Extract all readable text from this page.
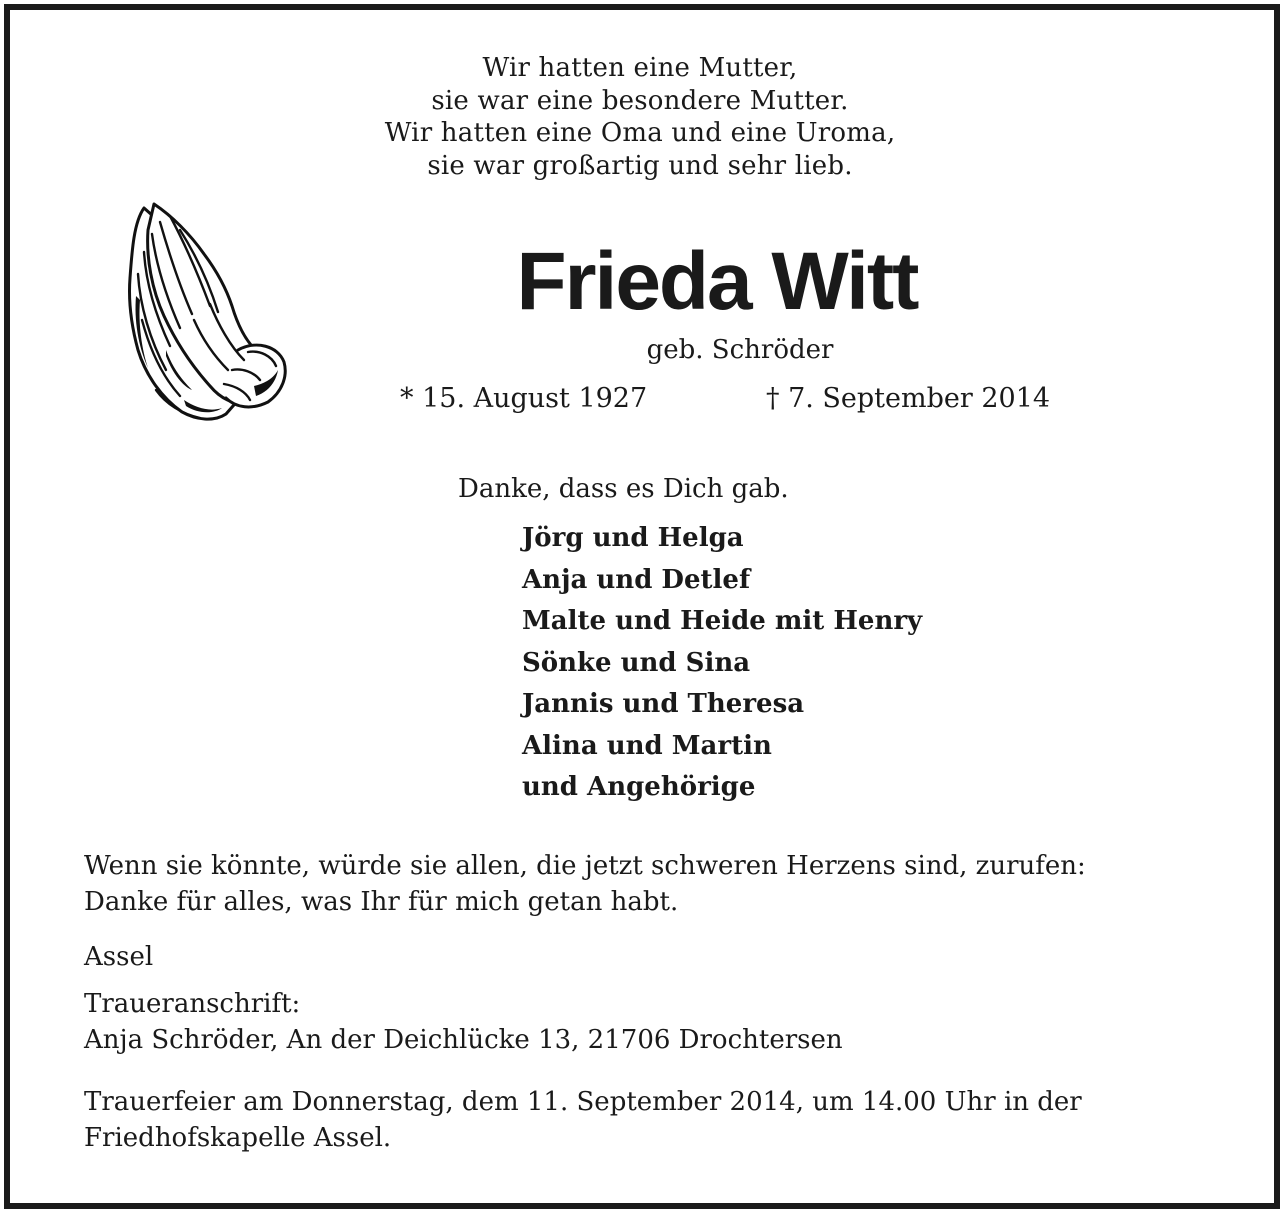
Wir hatten eine Mutter,
sie war eine besondere Mutter.
Wir hatten eine Oma und eine Uroma,
sie war großartig und sehr lieb.
Frieda Witt
geb. Schröder
* 15. August 1927	† 7. September 2014
Danke, dass es Dich gab.
Jörg und Helga
Anja und Detlef
Malte und Heide mit Henry
Sönke und Sina
Jannis und Theresa
Alina und Martin
und Angehörige
Wenn sie könnte, würde sie allen, die jetzt schweren Herzens sind, zurufen:
Danke für alles, was Ihr für mich getan habt.
Assel
Traueranschrift:
Anja Schröder, An der Deichlücke 13, 21706 Drochtersen
Trauerfeier am Donnerstag, dem 11. September 2014, um 14.00 Uhr in der
Friedhofskapelle Assel.
